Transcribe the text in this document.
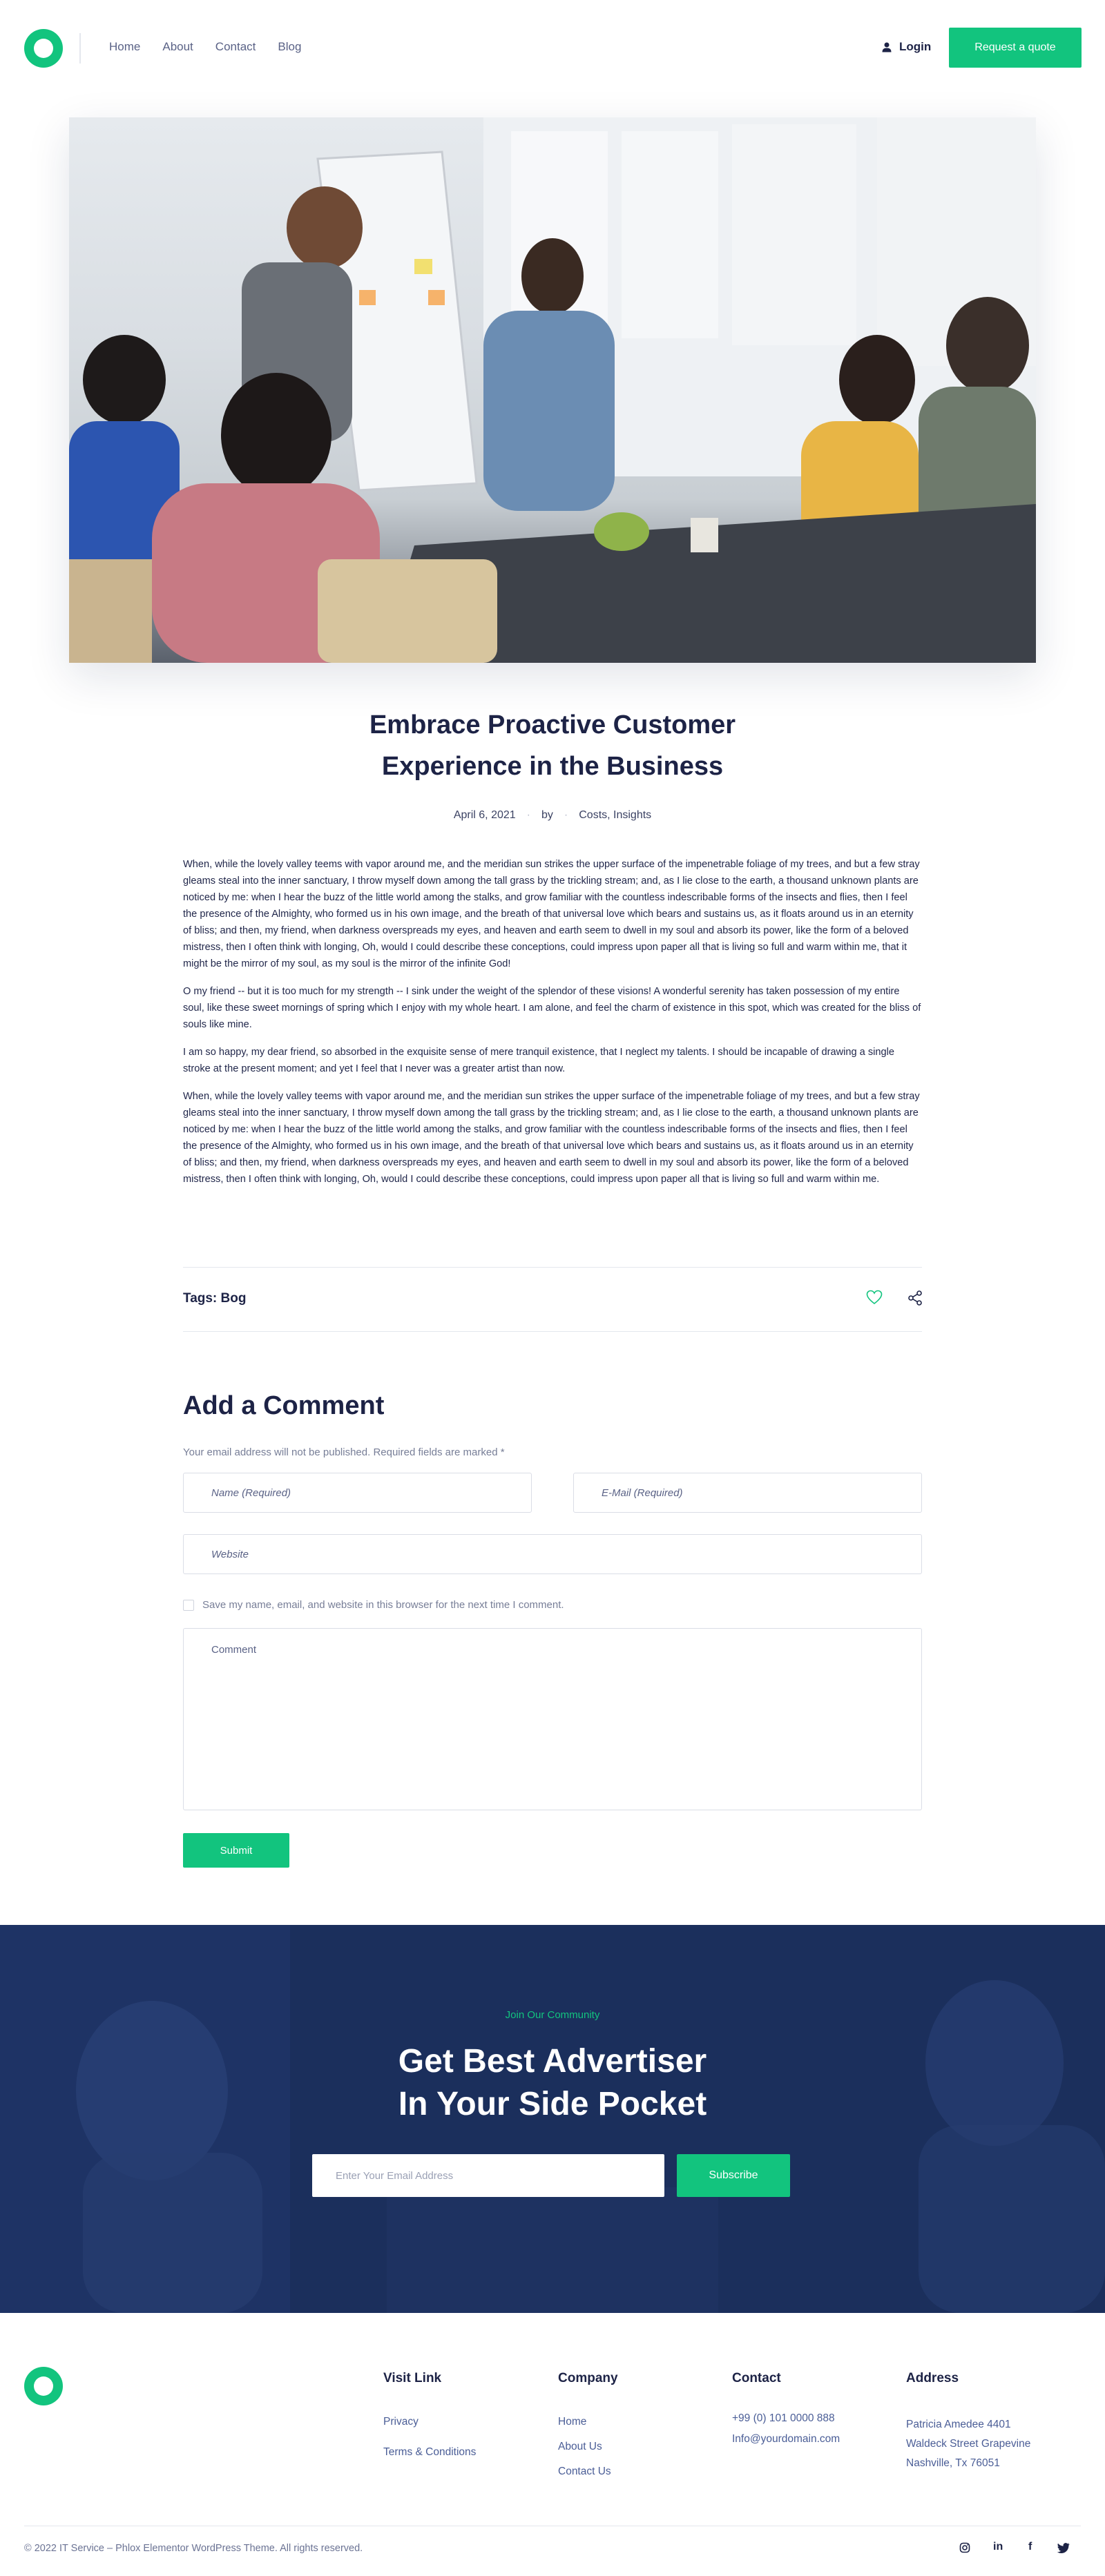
Home About Contact Blog	Login	Request a quote
Embrace Proactive Customer
Experience in the Business
April 6, 2021 · by · Costs, Insights

When, while the lovely valley teems with vapor around me, and the meridian sun strikes the upper surface of the impenetrable foliage of my trees, and but a few stray gleams steal into the inner sanctuary, I throw myself down among the tall grass by the trickling stream; and, as I lie close to the earth, a thousand unknown plants are noticed by me: when I hear the buzz of the little world among the stalks, and grow familiar with the countless indescribable forms of the insects and flies, then I feel the presence of the Almighty, who formed us in his own image, and the breath of that universal love which bears and sustains us, as it floats around us in an eternity of bliss; and then, my friend, when darkness overspreads my eyes, and heaven and earth seem to dwell in my soul and absorb its power, like the form of a beloved mistress, then I often think with longing, Oh, would I could describe these conceptions, could impress upon paper all that is living so full and warm within me, that it might be the mirror of my soul, as my soul is the mirror of the infinite God!

O my friend -- but it is too much for my strength -- I sink under the weight of the splendor of these visions! A wonderful serenity has taken possession of my entire soul, like these sweet mornings of spring which I enjoy with my whole heart. I am alone, and feel the charm of existence in this spot, which was created for the bliss of souls like mine.

I am so happy, my dear friend, so absorbed in the exquisite sense of mere tranquil existence, that I neglect my talents. I should be incapable of drawing a single stroke at the present moment; and yet I feel that I never was a greater artist than now.

When, while the lovely valley teems with vapor around me, and the meridian sun strikes the upper surface of the impenetrable foliage of my trees, and but a few stray gleams steal into the inner sanctuary, I throw myself down among the tall grass by the trickling stream; and, as I lie close to the earth, a thousand unknown plants are noticed by me: when I hear the buzz of the little world among the stalks, and grow familiar with the countless indescribable forms of the insects and flies, then I feel the presence of the Almighty, who formed us in his own image, and the breath of that universal love which bears and sustains us, as it floats around us in an eternity of bliss; and then, my friend, when darkness overspreads my eyes, and heaven and earth seem to dwell in my soul and absorb its power, like the form of a beloved mistress, then I often think with longing, Oh, would I could describe these conceptions, could impress upon paper all that is living so full and warm within me.

Tags: Bog
Add a Comment
Your email address will not be published. Required fields are marked *
Name (Required)	E-Mail (Required)
Website
Save my name, email, and website in this browser for the next time I comment.
Comment
Submit
Join Our Community
Get Best Advertiser
In Your Side Pocket
Enter Your Email Address	Subscribe
Visit Link
Privacy
Terms & Conditions
Company
Home
About Us
Contact Us
Contact
+99 (0) 101 0000 888
Info@yourdomain.com
Address
Patricia Amedee 4401
Waldeck Street Grapevine
Nashville, Tx 76051
© 2022 IT Service – Phlox Elementor WordPress Theme. All rights reserved.	in f
